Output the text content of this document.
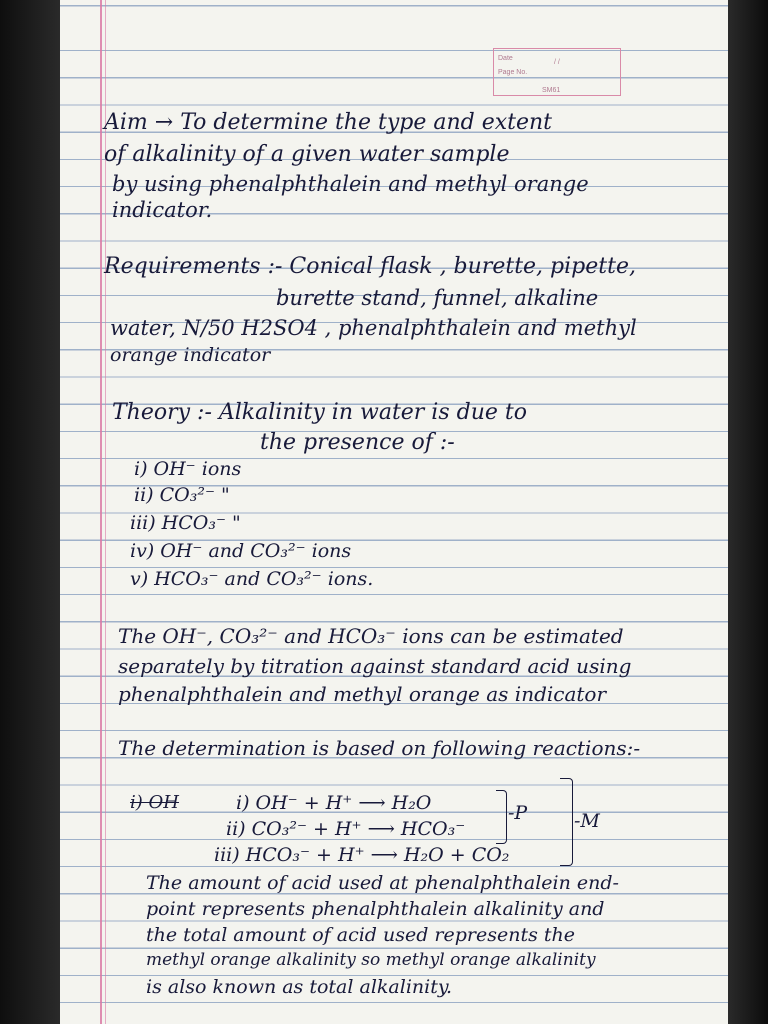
Date
/ /
Page No.
SM61
Aim → To determine the type and extent
of alkalinity of a given water sample
by using phenalphthalein and methyl orange
indicator.
Requirements :- Conical flask , burette, pipette,
burette stand, funnel, alkaline
water, N/50 H2SO4 , phenalphthalein and methyl
orange indicator
Theory :- Alkalinity in water is due to
the presence of :-
i) OH⁻ ions
ii) CO₃²⁻ "
iii) HCO₃⁻ "
iv) OH⁻ and CO₃²⁻ ions
v) HCO₃⁻ and CO₃²⁻ ions.
The OH⁻, CO₃²⁻ and HCO₃⁻ ions can be estimated
separately by titration against standard acid using
phenalphthalein and methyl orange as indicator
The determination is based on following reactions:-
i) OH	i) OH⁻ + H⁺ ⟶ H₂O
ii) CO₃²⁻ + H⁺ ⟶ HCO₃⁻
iii) HCO₃⁻ + H⁺ ⟶ H₂O + CO₂
-P -M
The amount of acid used at phenalphthalein end-
point represents phenalphthalein alkalinity and
the total amount of acid used represents the
methyl orange alkalinity so methyl orange alkalinity
is also known as total alkalinity.
